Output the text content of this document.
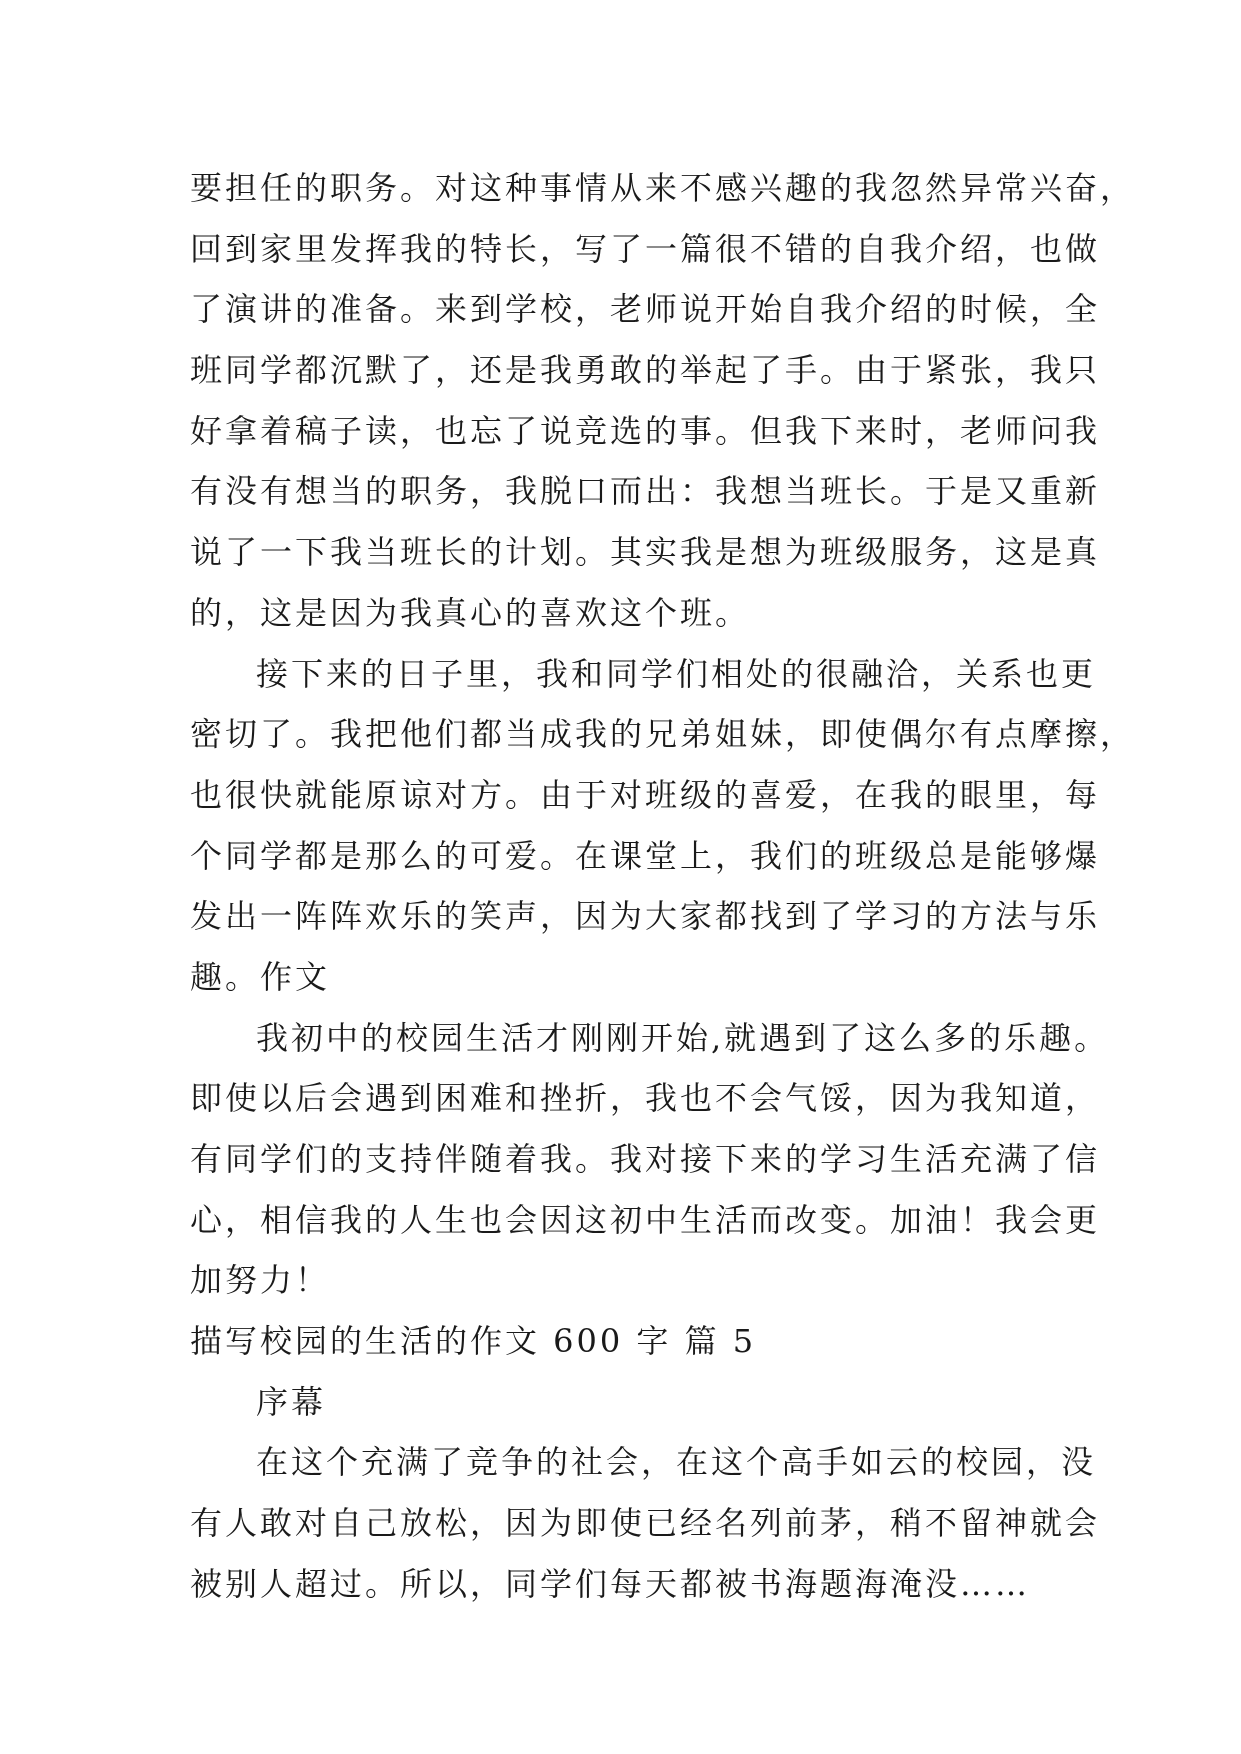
要担任的职务。对这种事情从来不感兴趣的我忽然异常兴奋，
回到家里发挥我的特长，写了一篇很不错的自我介绍，也做
了演讲的准备。来到学校，老师说开始自我介绍的时候，全
班同学都沉默了，还是我勇敢的举起了手。由于紧张，我只
好拿着稿子读，也忘了说竞选的事。但我下来时，老师问我
有没有想当的职务，我脱口而出：我想当班长。于是又重新
说了一下我当班长的计划。其实我是想为班级服务，这是真
的，这是因为我真心的喜欢这个班。
接下来的日子里，我和同学们相处的很融洽，关系也更
密切了。我把他们都当成我的兄弟姐妹，即使偶尔有点摩擦，
也很快就能原谅对方。由于对班级的喜爱，在我的眼里，每
个同学都是那么的可爱。在课堂上，我们的班级总是能够爆
发出一阵阵欢乐的笑声，因为大家都找到了学习的方法与乐
趣。作文
我初中的校园生活才刚刚开始,就遇到了这么多的乐趣。
即使以后会遇到困难和挫折，我也不会气馁，因为我知道，
有同学们的支持伴随着我。我对接下来的学习生活充满了信
心，相信我的人生也会因这初中生活而改变。加油！我会更
加努力！
描写校园的生活的作文 600 字 篇 5
序幕
在这个充满了竞争的社会，在这个高手如云的校园，没
有人敢对自己放松，因为即使已经名列前茅，稍不留神就会
被别人超过。所以，同学们每天都被书海题海淹没……
